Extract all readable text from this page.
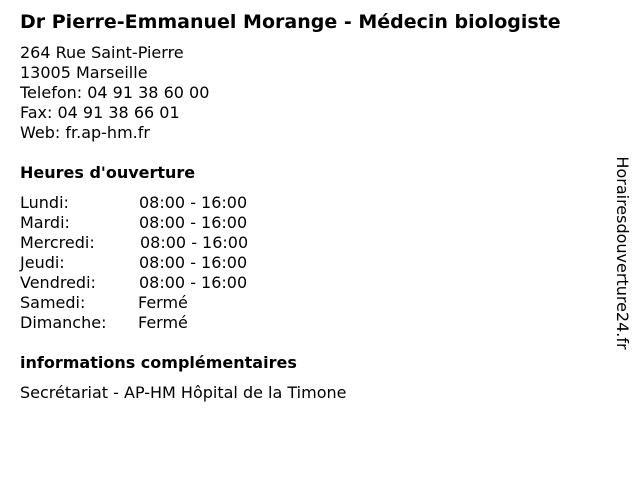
Dr Pierre-Emmanuel Morange - Médecin biologiste
264 Rue Saint-Pierre
13005 Marseille
Telefon: 04 91 38 60 00
Fax: 04 91 38 66 01
Web: fr.ap-hm.fr
Heures d'ouverture
Lundi:	08:00 - 16:00
Mardi:	08:00 - 16:00
Mercredi:	08:00 - 16:00
Jeudi:	08:00 - 16:00
Vendredi:	08:00 - 16:00
Samedi:	Fermé
Dimanche: Fermé
informations complémentaires
Secrétariat - AP-HM Hôpital de la Timone
Horairesdouverture24.fr
